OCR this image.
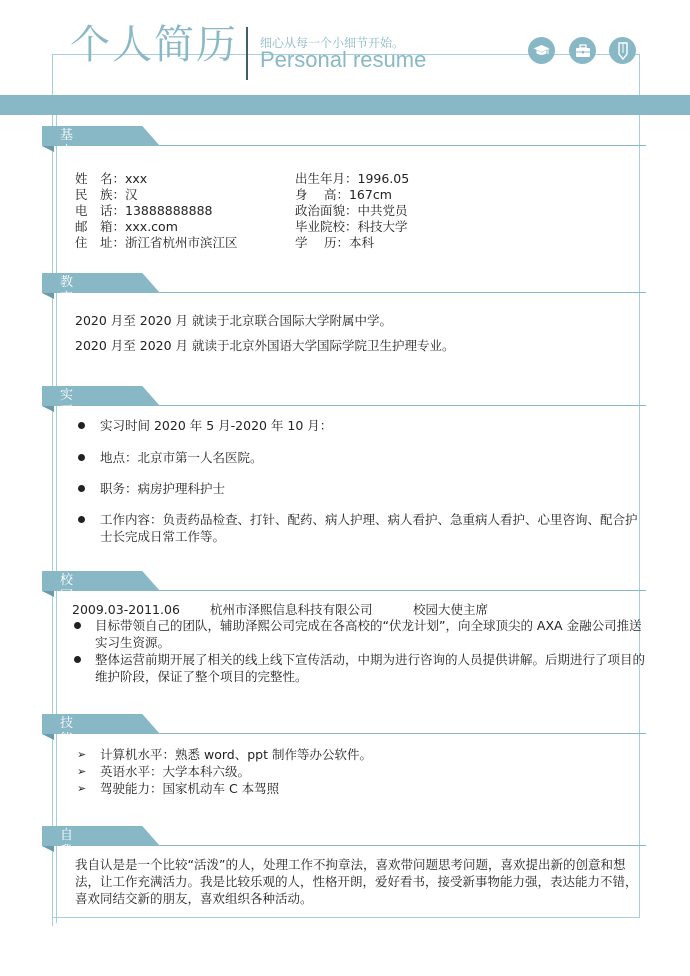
个人简历 细心从每一个小细节开始。
Personal resume
基本信息 姓　名：xxx
民　族：汉
电　话：13888888888
邮　箱：xxx.com
住　址：浙江省杭州市滨江区
出生年月：1996.05
身　 高：167cm
政治面貌：中共党员
毕业院校：科技大学
学　 历：本科
教育背景
2020 月至 2020 月 就读于北京联合国际大学附属中学。
2020 月至 2020 月 就读于北京外国语大学国际学院卫生护理专业。
实习经历
实习时间 2020 年 5 月-2020 年 10 月：
地点：北京市第一人名医院。
职务：病房护理科护士
工作内容：负责药品检查、打针、配药、病人护理、病人看护、急重病人看护、心里咨询、配合护士长完成日常工作等。
校园经历
2009.03-2011.06 杭州市泽熙信息科技有限公司	校园大使主席
目标带领自己的团队，辅助泽熙公司完成在各高校的“伏龙计划”，向全球顶尖的 AXA 金融公司推送实习生资源。
整体运营前期开展了相关的线上线下宣传活动，中期为进行咨询的人员提供讲解。后期进行了项目的维护阶段，保证了整个项目的完整性。
技能证书
➢ 计算机水平：熟悉 word、ppt 制作等办公软件。
➢ 英语水平：大学本科六级。
➢ 驾驶能力：国家机动车 C 本驾照
自我评价
我自认是是一个比较“活泼”的人，处理工作不拘章法，喜欢带问题思考问题，喜欢提出新的创意和想法，让工作充满活力。我是比较乐观的人，性格开朗，爱好看书，接受新事物能力强，表达能力不错，喜欢同结交新的朋友，喜欢组织各种活动。
